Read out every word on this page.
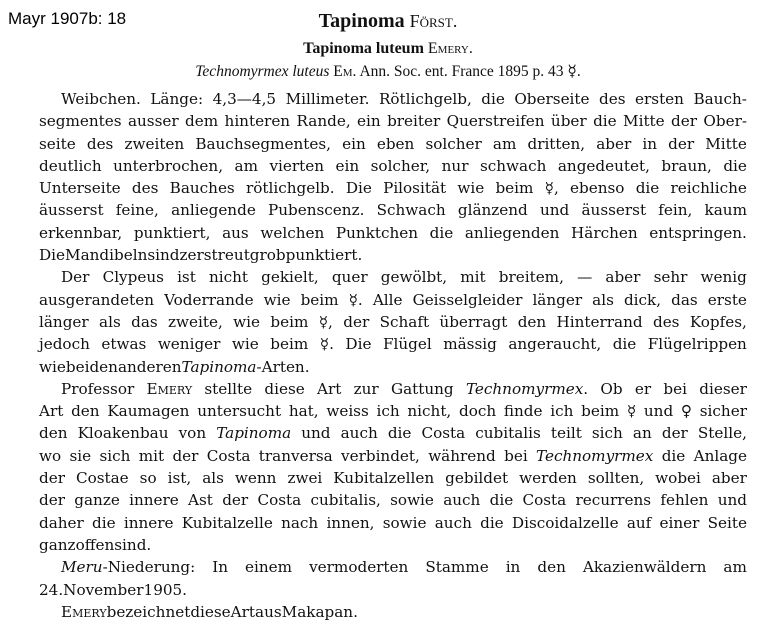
Mayr 1907b: 18	Tapinoma Först.
Tapinoma luteum Emery.
Technomyrmex luteus Em. Ann. Soc. ent. France 1895 p. 43 ☿.
Weibchen. Länge: 4,3—4,5 Millimeter. Rötlichgelb, die Oberseite des ersten Bauch-
segmentes ausser dem hinteren Rande, ein breiter Querstreifen über die Mitte der Ober-
seite des zweiten Bauchsegmentes, ein eben solcher am dritten, aber in der Mitte
deutlich unterbrochen, am vierten ein solcher, nur schwach angedeutet, braun, die
Unterseite des Bauches rötlichgelb. Die Pilosität wie beim ☿, ebenso die reichliche
äusserst feine, anliegende Pubenscenz. Schwach glänzend und äusserst fein, kaum
erkennbar, punktiert, aus welchen Punktchen die anliegenden Härchen entspringen.
Die Mandibeln sind zerstreut grob punktiert.
Der Clypeus ist nicht gekielt, quer gewölbt, mit breitem, — aber sehr wenig
ausgerandeten Voderrande wie beim ☿. Alle Geisselgleider länger als dick, das erste
länger als das zweite, wie beim ☿, der Schaft überragt den Hinterrand des Kopfes,
jedoch etwas weniger wie beim ☿. Die Flügel mässig angeraucht, die Flügelrippen
wie bei den anderen Tapinoma-Arten.
Professor Emery stellte diese Art zur Gattung Technomyrmex. Ob er bei dieser
Art den Kaumagen untersucht hat, weiss ich nicht, doch finde ich beim ☿ und ♀ sicher
den Kloakenbau von Tapinoma und auch die Costa cubitalis teilt sich an der Stelle,
wo sie sich mit der Costa tranversa verbindet, während bei Technomyrmex die Anlage
der Costae so ist, als wenn zwei Kubitalzellen gebildet werden sollten, wobei aber
der ganze innere Ast der Costa cubitalis, sowie auch die Costa recurrens fehlen und
daher die innere Kubitalzelle nach innen, sowie auch die Discoidalzelle auf einer Seite
ganz offen sind.
Meru-Niederung: In einem vermoderten Stamme in den Akazienwäldern am
24. November 1905.
Emery bezeichnet diese Art aus Makapan.
